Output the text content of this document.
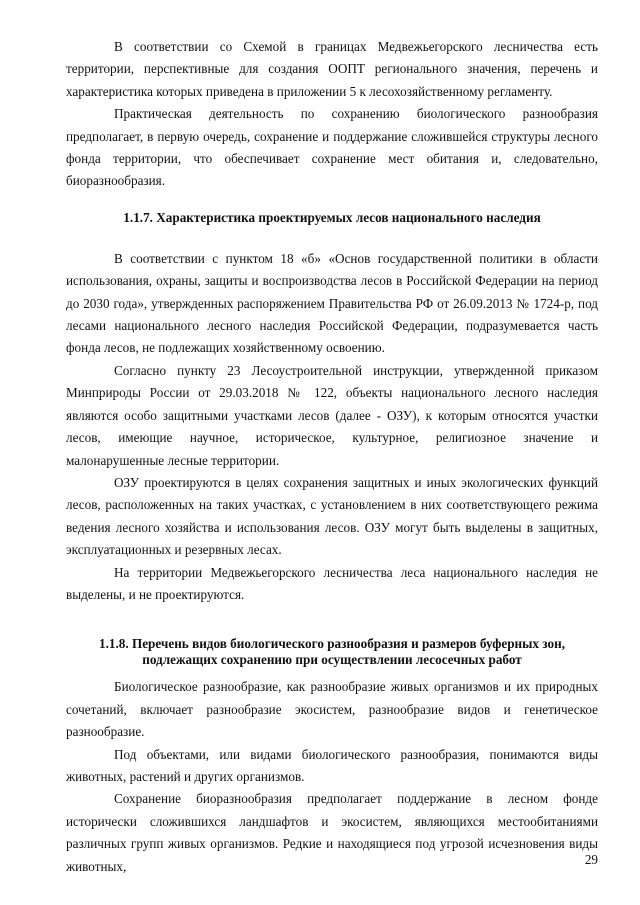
В соответствии со Схемой в границах Медвежьегорского лесничества есть территории, перспективные для создания ООПТ регионального значения, перечень и характеристика которых приведена в приложении 5 к лесохозяйственному регламенту.

Практическая деятельность по сохранению биологического разнообразия предполагает, в первую очередь, сохранение и поддержание сложившейся структуры лесного фонда территории, что обеспечивает сохранение мест обитания и, следовательно, биоразнообразия.

1.1.7. Характеристика проектируемых лесов национального наследия

В соответствии с пунктом 18 «б» «Основ государственной политики в области использования, охраны, защиты и воспроизводства лесов в Российской Федерации на период до 2030 года», утвержденных распоряжением Правительства РФ от 26.09.2013 № 1724-р, под лесами национального лесного наследия Российской Федерации, подразумевается часть фонда лесов, не подлежащих хозяйственному освоению.

Согласно пункту 23 Лесоустроительной инструкции, утвержденной приказом Минприроды России от 29.03.2018 № 122, объекты национального лесного наследия являются особо защитными участками лесов (далее - ОЗУ), к которым относятся участки лесов, имеющие научное, историческое, культурное, религиозное значение и малонарушенные лесные территории.

ОЗУ проектируются в целях сохранения защитных и иных экологических функций лесов, расположенных на таких участках, с установлением в них соответствующего режима ведения лесного хозяйства и использования лесов. ОЗУ могут быть выделены в защитных, эксплуатационных и резервных лесах.

На территории Медвежьегорского лесничества леса национального наследия не выделены, и не проектируются.

1.1.8. Перечень видов биологического разнообразия и размеров буферных зон,

подлежащих сохранению при осуществлении лесосечных работ

Биологическое разнообразие, как разнообразие живых организмов и их природных сочетаний, включает разнообразие экосистем, разнообразие видов и генетическое разнообразие.

Под объектами, или видами биологического разнообразия, понимаются виды животных, растений и других организмов.

Сохранение биоразнообразия предполагает поддержание в лесном фонде исторически сложившихся ландшафтов и экосистем, являющихся местообитаниями различных групп живых организмов. Редкие и находящиеся под угрозой исчезновения виды животных,	29
